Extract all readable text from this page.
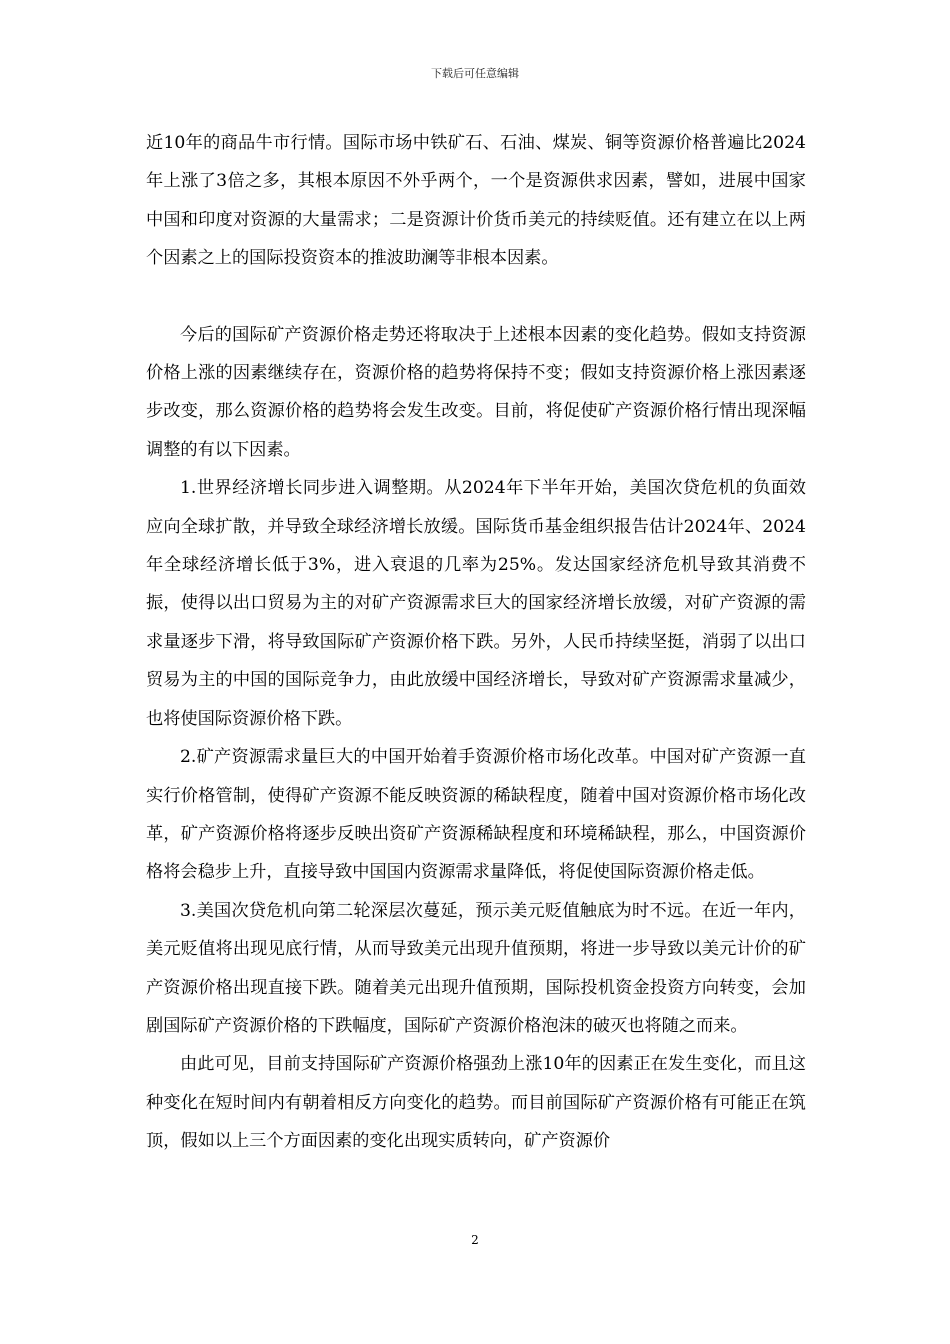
下载后可任意编辑

近10年的商品牛市行情。国际市场中铁矿石、石油、煤炭、铜等资源价格普遍比2024年上涨了3倍之多，其根本原因不外乎两个，一个是资源供求因素，譬如，进展中国家中国和印度对资源的大量需求；二是资源计价货币美元的持续贬值。还有建立在以上两个因素之上的国际投资资本的推波助澜等非根本因素。

今后的国际矿产资源价格走势还将取决于上述根本因素的变化趋势。假如支持资源价格上涨的因素继续存在，资源价格的趋势将保持不变；假如支持资源价格上涨因素逐步改变，那么资源价格的趋势将会发生改变。目前，将促使矿产资源价格行情出现深幅调整的有以下因素。

1.世界经济增长同步进入调整期。从2024年下半年开始，美国次贷危机的负面效应向全球扩散，并导致全球经济增长放缓。国际货币基金组织报告估计2024年、2024年全球经济增长低于3%，进入衰退的几率为25%。发达国家经济危机导致其消费不振，使得以出口贸易为主的对矿产资源需求巨大的国家经济增长放缓，对矿产资源的需求量逐步下滑，将导致国际矿产资源价格下跌。另外，人民币持续坚挺，消弱了以出口贸易为主的中国的国际竞争力，由此放缓中国经济增长，导致对矿产资源需求量减少，也将使国际资源价格下跌。

2.矿产资源需求量巨大的中国开始着手资源价格市场化改革。中国对矿产资源一直实行价格管制，使得矿产资源不能反映资源的稀缺程度，随着中国对资源价格市场化改革，矿产资源价格将逐步反映出资矿产资源稀缺程度和环境稀缺程，那么，中国资源价格将会稳步上升，直接导致中国国内资源需求量降低，将促使国际资源价格走低。

3.美国次贷危机向第二轮深层次蔓延，预示美元贬值触底为时不远。在近一年内，美元贬值将出现见底行情，从而导致美元出现升值预期，将进一步导致以美元计价的矿产资源价格出现直接下跌。随着美元出现升值预期，国际投机资金投资方向转变，会加剧国际矿产资源价格的下跌幅度，国际矿产资源价格泡沫的破灭也将随之而来。

由此可见，目前支持国际矿产资源价格强劲上涨10年的因素正在发生变化，而且这种变化在短时间内有朝着相反方向变化的趋势。而目前国际矿产资源价格有可能正在筑顶，假如以上三个方面因素的变化出现实质转向，矿产资源价

2
